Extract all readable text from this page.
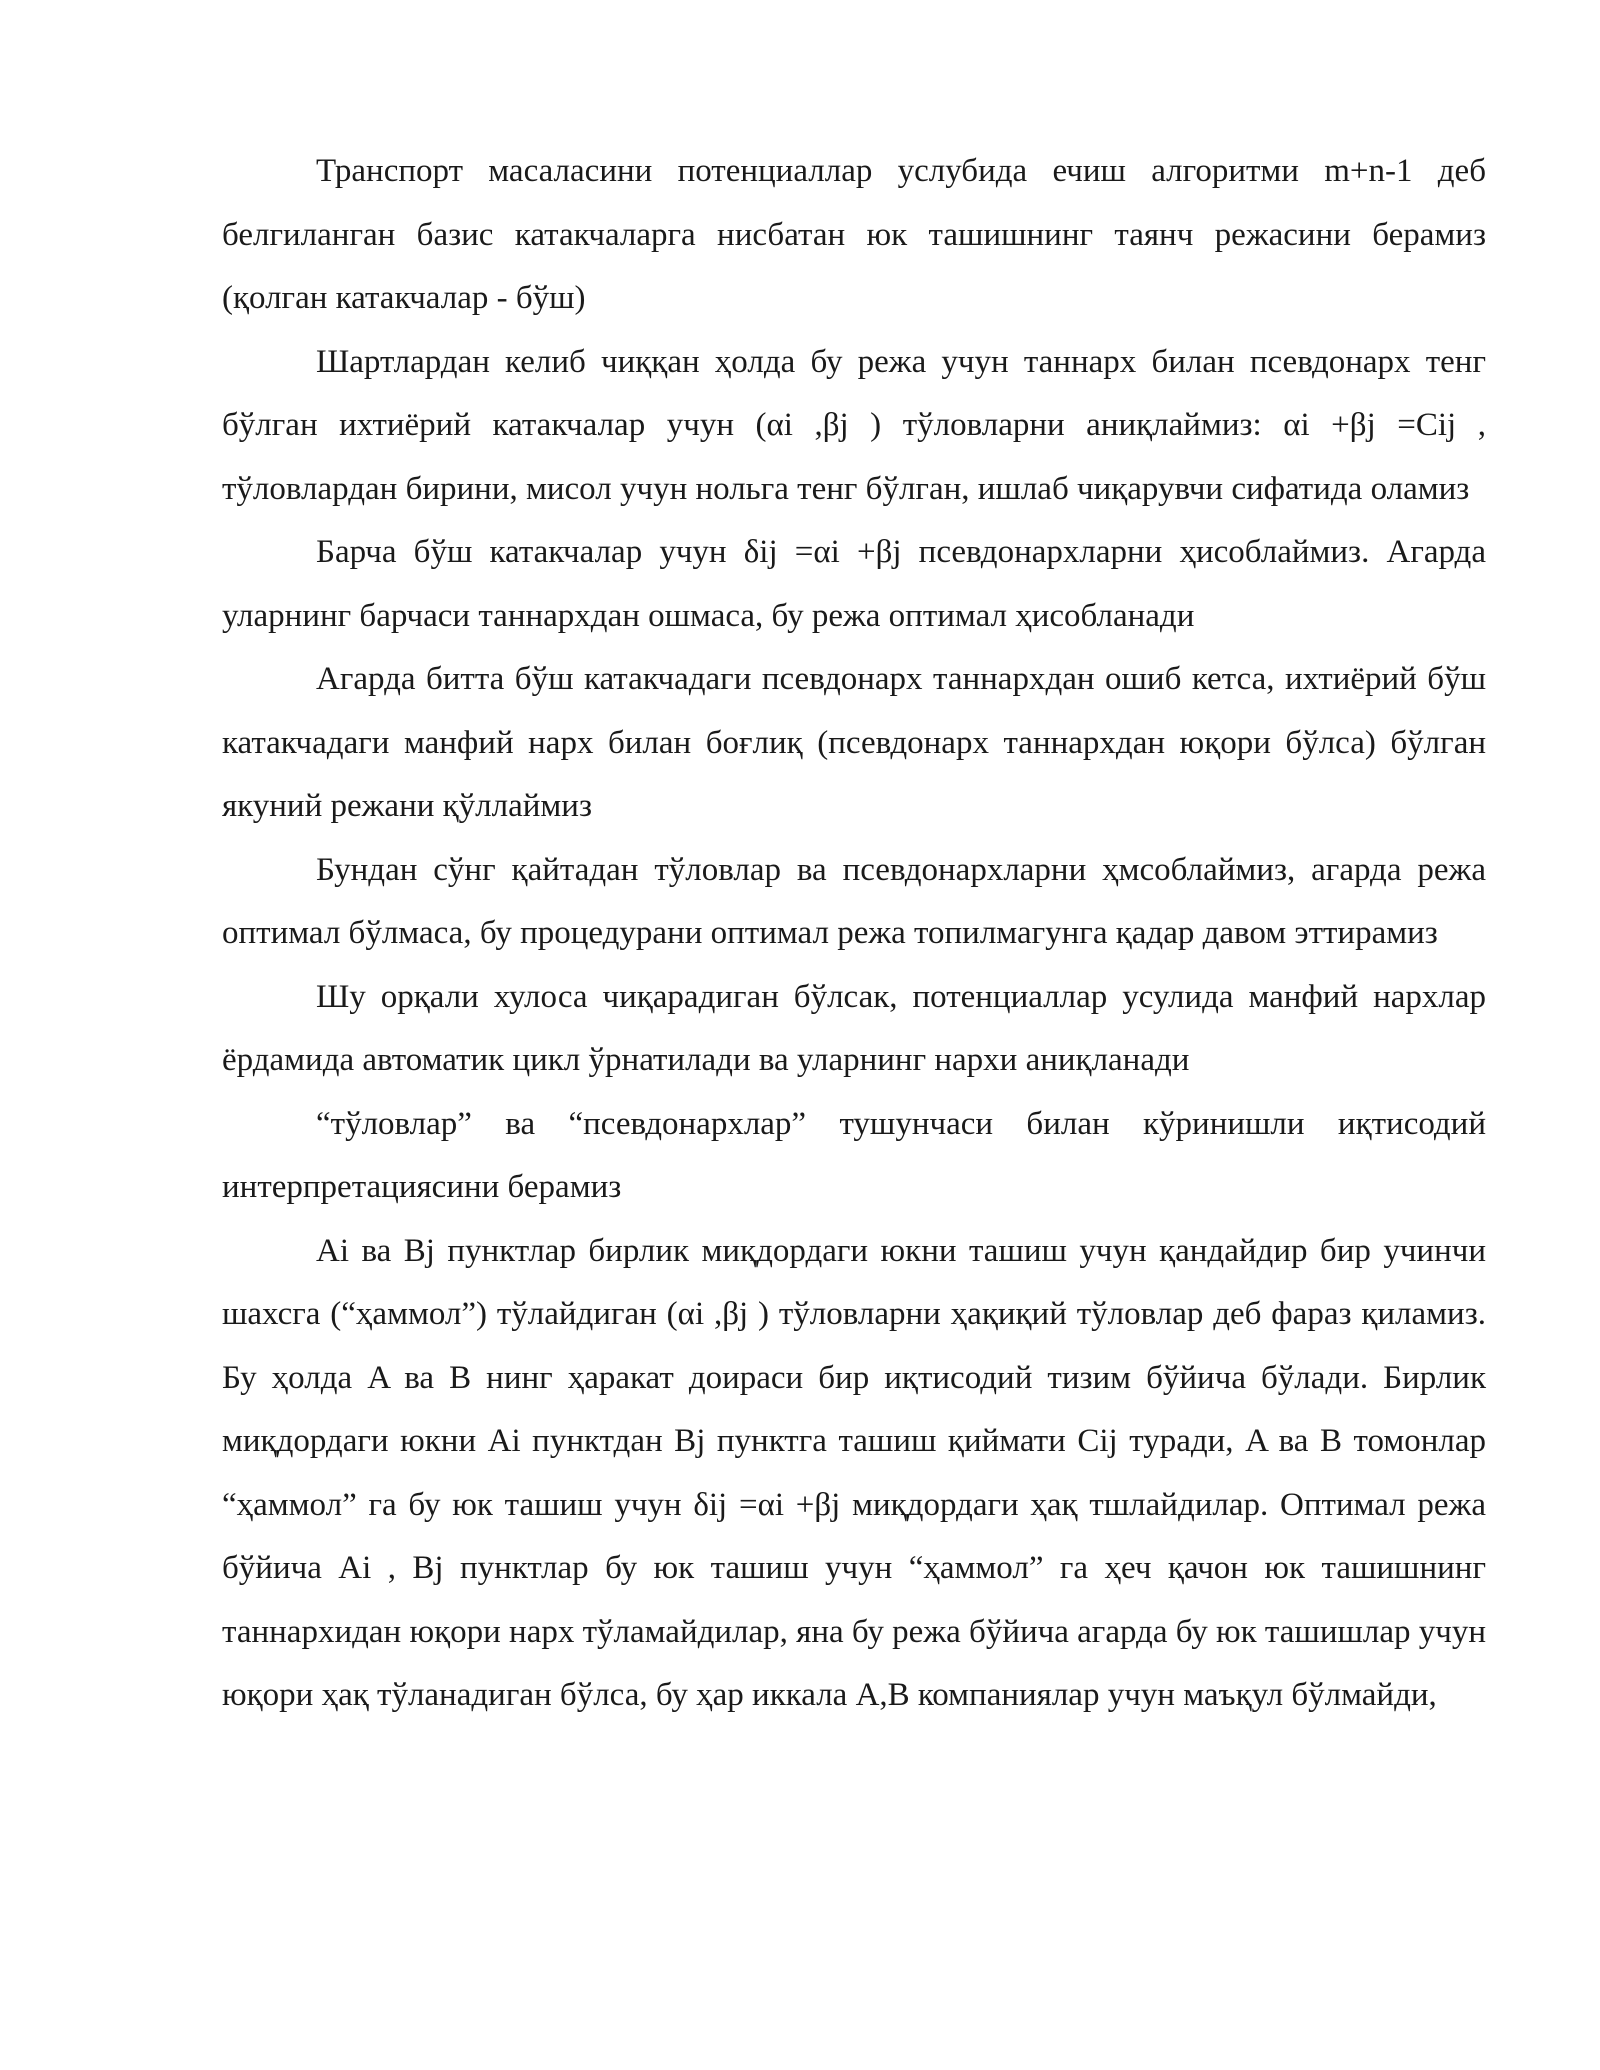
Транспорт масаласини потенциаллар услубида ечиш алгоритми m+n-1 деб белгиланган базис катакчаларга нисбатан юк ташишнинг таянч режасини берамиз (қолган катакчалар - бўш)

Шартлардан келиб чиққан ҳолда бу режа учун таннарх билан псевдонарх тенг бўлган ихтиёрий катакчалар учун (αi ,βj ) тўловларни аниқлаймиз: αi +βj =Cij , тўловлардан бирини, мисол учун нольга тенг бўлган, ишлаб чиқарувчи сифатида оламиз

Барча бўш катакчалар учун δij =αi +βj псевдонархларни ҳисоблаймиз. Агарда уларнинг барчаси таннархдан ошмаса, бу режа оптимал ҳисобланади

Агарда битта бўш катакчадаги псевдонарх таннархдан ошиб кетса, ихтиёрий бўш катакчадаги манфий нарх билан боғлиқ (псевдонарх таннархдан юқори бўлса) бўлган якуний режани қўллаймиз

Бундан сўнг қайтадан тўловлар ва псевдонархларни ҳмсоблаймиз, агарда режа оптимал бўлмаса, бу процедурани оптимал режа топилмагунга қадар давом эттирамиз

Шу орқали хулоса чиқарадиган бўлсак, потенциаллар усулида манфий нархлар ёрдамида автоматик цикл ўрнатилади ва уларнинг нархи аниқланади

“тўловлар” ва “псевдонархлар” тушунчаси билан кўринишли иқтисодий интерпретациясини берамиз

Ai ва Bj пунктлар бирлик миқдордаги юкни ташиш учун қандайдир бир учинчи шахсга (“ҳаммол”) тўлайдиган (αi ,βj ) тўловларни ҳақиқий тўловлар деб фараз қиламиз. Бу ҳолда A ва B нинг ҳаракат доираси бир иқтисодий тизим бўйича бўлади. Бирлик миқдордаги юкни Ai пунктдан Bj пунктга ташиш қиймати Cij туради, A ва B томонлар “ҳаммол” га бу юк ташиш учун δij =αi +βj миқдордаги ҳақ тшлайдилар. Оптимал режа бўйича Ai , Bj пунктлар бу юк ташиш учун “ҳаммол” га ҳеч қачон юк ташишнинг таннархидан юқори нарх тўламайдилар, яна бу режа бўйича агарда бу юк ташишлар учун юқори ҳақ тўланадиган бўлса, бу ҳар иккала A,B компаниялар учун маъқул бўлмайди,
